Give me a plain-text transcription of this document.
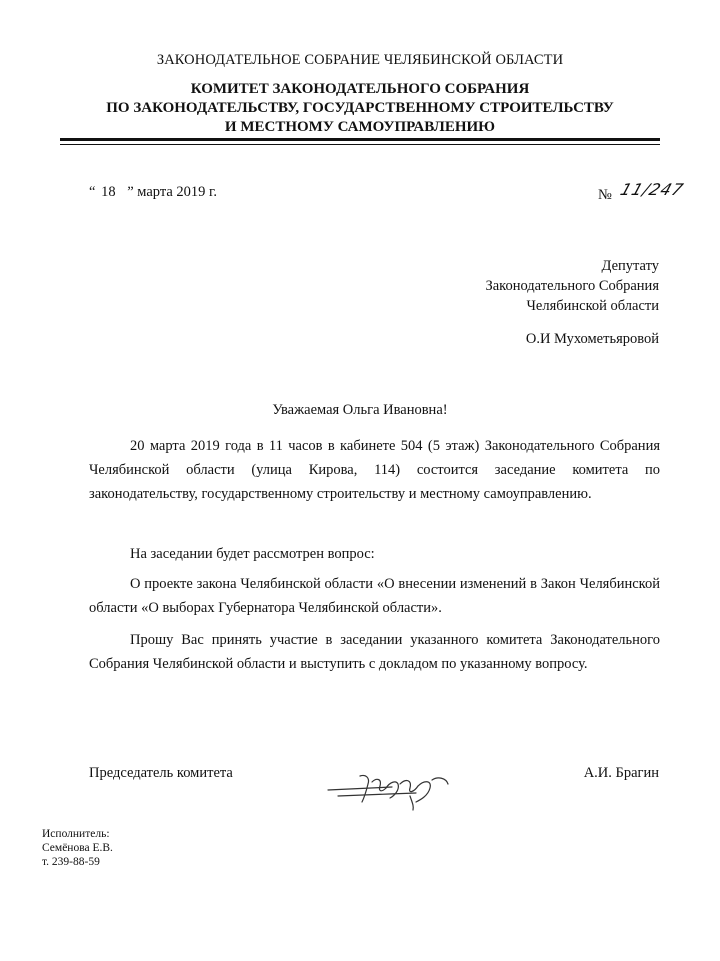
ЗАКОНОДАТЕЛЬНОЕ СОБРАНИЕ ЧЕЛЯБИНСКОЙ ОБЛАСТИ
КОМИТЕТ ЗАКОНОДАТЕЛЬНОГО СОБРАНИЯ
ПО ЗАКОНОДАТЕЛЬСТВУ, ГОСУДАРСТВЕННОМУ СТРОИТЕЛЬСТВУ
И МЕСТНОМУ САМОУПРАВЛЕНИЮ
“ 18 ” марта 2019 г.	№ 11/247
Депутату
Законодательного Собрания
Челябинской области
О.И Мухометьяровой
Уважаемая Ольга Ивановна!

20 марта 2019 года в 11 часов в кабинете 504 (5 этаж) Законодательного Собрания Челябинской области (улица Кирова, 114) состоится заседание комитета по законодательству, государственному строительству и местному самоуправлению.

На заседании будет рассмотрен вопрос:

О проекте закона Челябинской области «О внесении изменений в Закон Челябинской области «О выборах Губернатора Челябинской области».

Прошу Вас принять участие в заседании указанного комитета Законодательного Собрания Челябинской области и выступить с докладом по указанному вопросу.

Председатель комитета	А.И. Брагин
Исполнитель:
Семёнова Е.В.
т. 239-88-59
